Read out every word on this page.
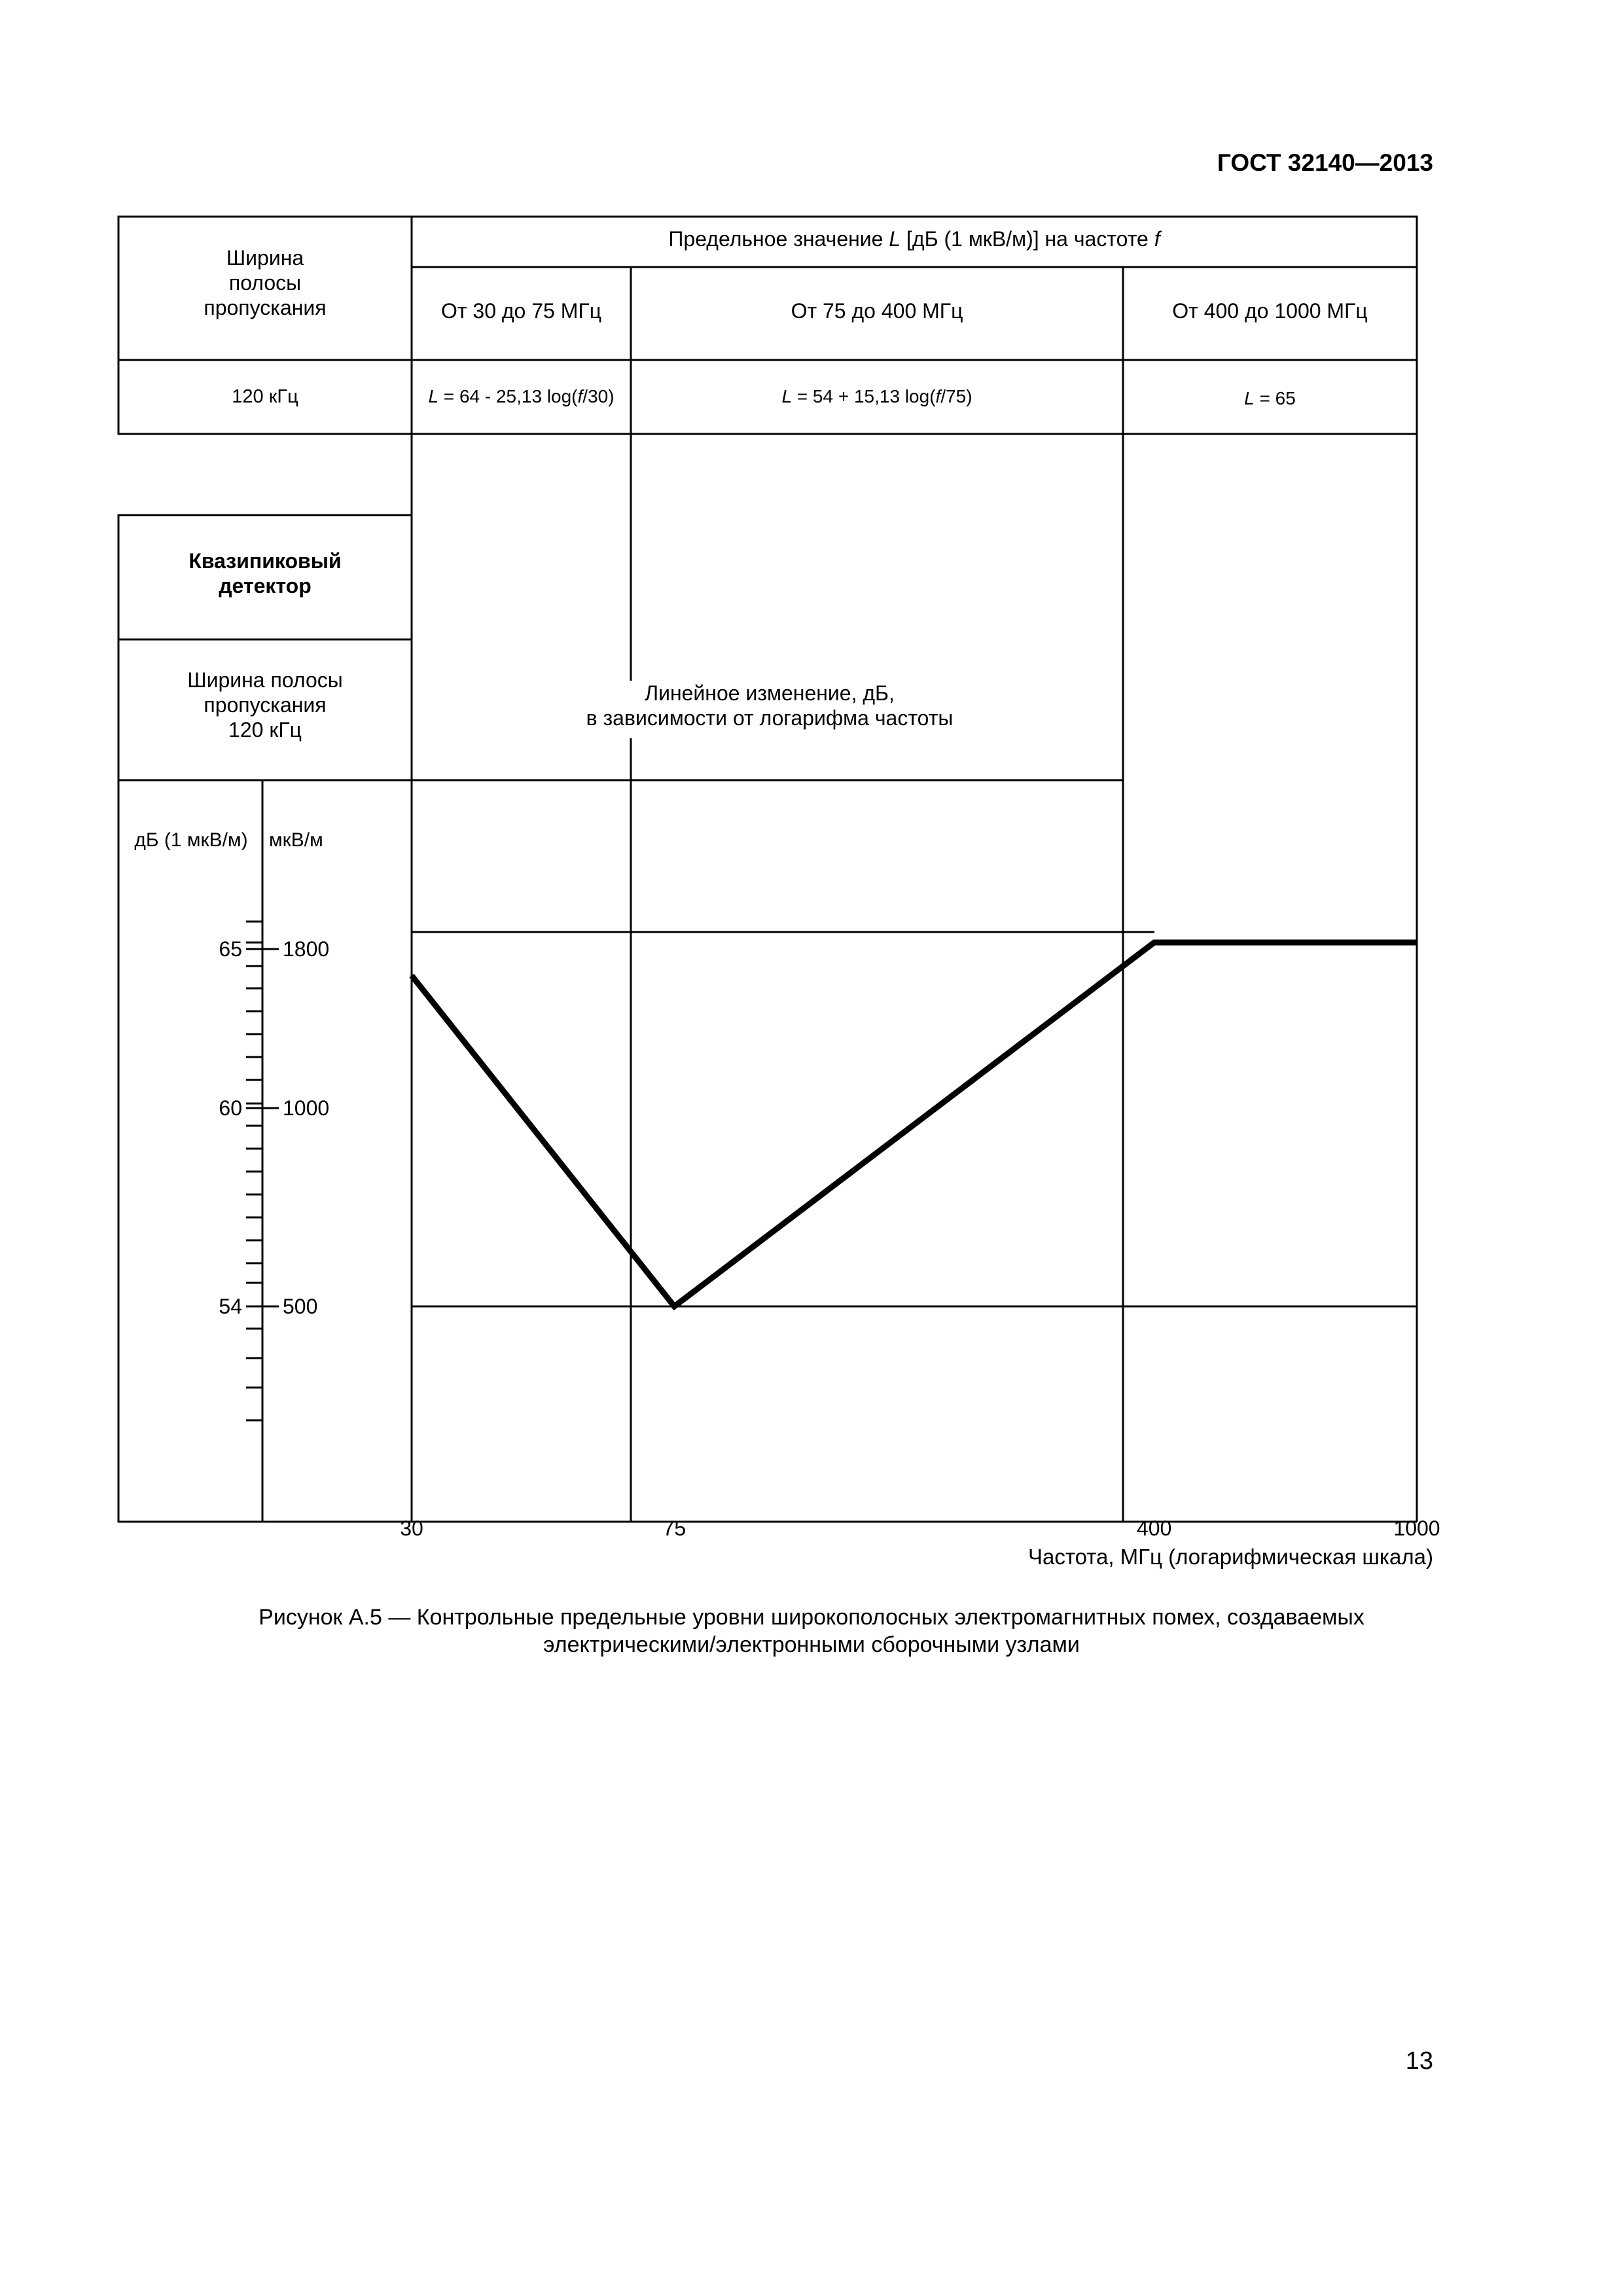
ГОСТ 32140—2013
54 500
60 1000
65 1800
30	75	400	1000
Ширина
полосы
пропускания
Предельное значение L [дБ (1 мкВ/м)] на частоте f
От 30 до 75 МГц	От 75 до 400 МГц	От 400 до 1000 МГц
120 кГц	L = 64 - 25,13 log(f/30)	L = 54 + 15,13 log(f/75)	L = 65
Квазипиковый
детектор
Ширина полосы
пропускания
120 кГц
дБ (1 мкВ/м)	мкВ/м
Линейное изменение, дБ,
в зависимости от логарифма частоты
Частота, МГц (логарифмическая шкала)
Рисунок А.5 — Контрольные предельные уровни широкополосных электромагнитных помех, создаваемых
электрическими/электронными сборочными узлами
13
